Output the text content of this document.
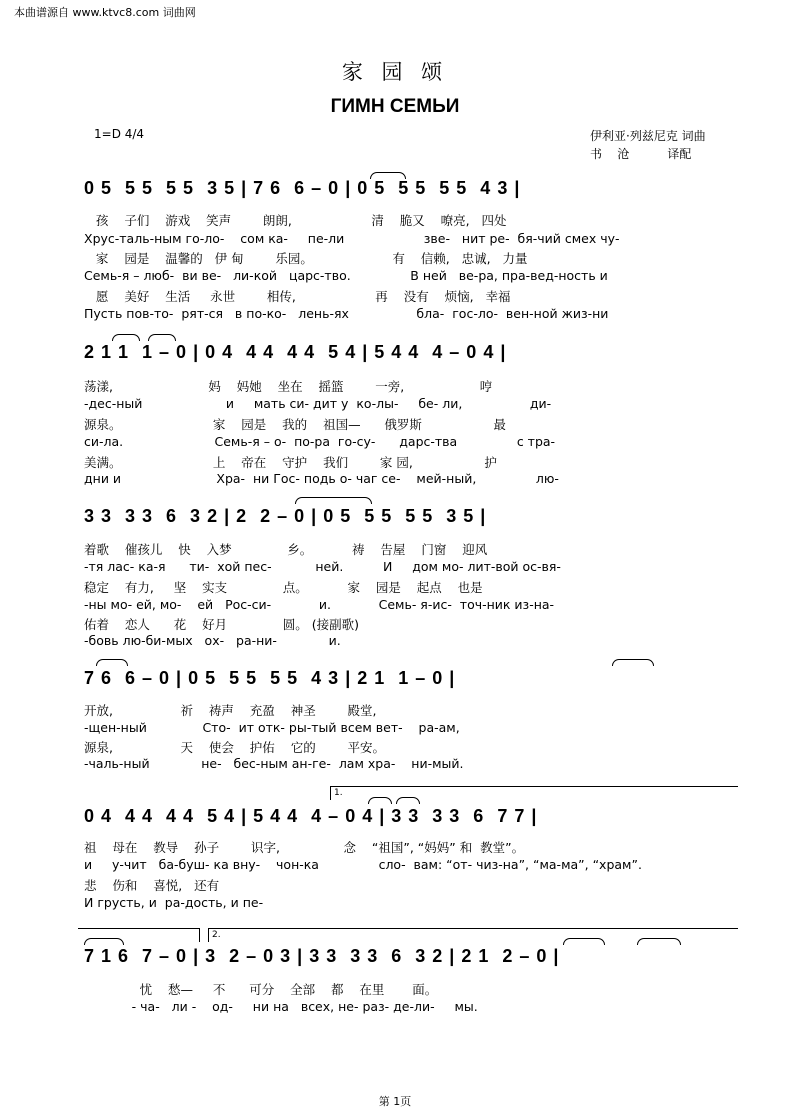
本曲谱源自 www.ktvc8.com 词曲网
家 园 颂
ГИМН СЕМЬИ
1=D 4/4	伊利亚·列兹尼克 词曲
书    沧          译配
0 5  5 5  5 5  3 5 | 7 6  6 – 0 | 0 5  5 5  5 5  4 3 |
孩    子们    游戏    笑声        朗朗,                    清    脆又    嘹亮,   四处
Хрус-таль-ным го-ло-    сом ка-     пе-ли                    зве-   нит ре-  бя-чий смех чу-
家    园是    温馨的   伊 甸        乐园。                    有    信赖,   忠诚,   力量
Семь-я – люб-  ви ве-   ли-кой   царс-тво.               В ней   ве-ра, пра-вед-ность и
愿    美好    生活     永世        相传,                    再    没有    烦恼,   幸福
Пусть пов-то-  рят-ся   в по-ко-   лень-ях                 бла-  гос-ло-  вен-ной жиз-ни
2 1 1  1 – 0 | 0 4  4 4  4 4  5 4 | 5 4 4  4 – 0 4 |
荡漾,                        妈    妈她    坐在    摇篮        一旁,                   哼
-дес-ный                     и     мать си- дит у  ко-лы-     бе- ли,                 ди-
源泉。                       家    园是    我的    祖国—      俄罗斯                  最
си-ла.                       Семь-я – о-  по-ра  го-су-      дарс-тва               с тра-
美满。                       上    帝在    守护    我们        家 园,                  护
дни и                        Хра-  ни Гос- подь о- чаг се-    мей-ный,               лю-
3 3  3 3  6  3 2 | 2  2 – 0 | 0 5  5 5  5 5  3 5 |
着歌    催孩儿    快    入梦              乡。          祷    告屋    门窗    迎风
-тя лас- ка-я      ти-  хой пес-           ней.          И     дом мо- лит-вой ос-вя-
稳定    有力,     坚    实支              点。          家    园是    起点    也是
-ны мо- ей, мо-    ей   Рос-си-            и.            Семь- я-ис-  точ-ник из-на-
佑着    恋人      花    好月              圆。 (接副歌)
-бовь лю-би-мых   ох-   ра-ни-             и.
7 6  6 – 0 | 0 5  5 5  5 5  4 3 | 2 1  1 – 0 |
开放,                 祈    祷声    充盈    神圣        殿堂,
-щен-ный              Сто-  ит отк- ры-тый всем вет-    ра-ам,
源泉,                 天    使会    护佑    它的        平安。
-чаль-ный             не-   бес-ным ан-ге-  лам хра-    ни-мый.
1.
0 4  4 4  4 4  5 4 | 5 4 4  4 – 0 4 | 3 3  3 3  6  7 7 |
祖    母在    教导    孙子        识字,                念    “祖国”, “妈妈” 和  教堂”。
и     у-чит   ба-буш- ка вну-    чон-ка               сло-  вам: “от- чиз-на”, “ма-ма”, “храм”.
悲    伤和    喜悦,   还有
И грусть, и  ра-дость, и пе-
2.
7 1 6  7 – 0 | 3  2 – 0 3 | 3 3  3 3  6  3 2 | 2 1  2 – 0 |
忧    愁—     不      可分    全部    都    在里       面。
- ча-   ли -    од-     ни на   всех, не- раз- де-ли-     мы.
第 1页
